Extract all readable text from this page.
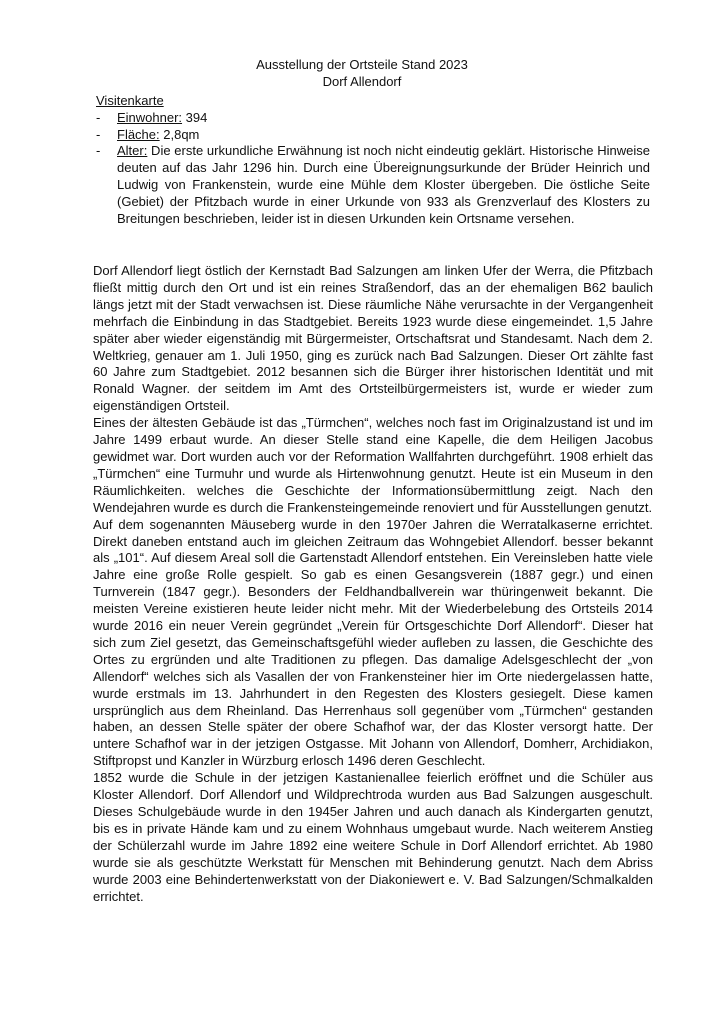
Ausstellung der Ortsteile Stand 2023
Dorf Allendorf
Visitenkarte
-	Einwohner: 394
-	Fläche: 2,8qm
-	Alter: Die erste urkundliche Erwähnung ist noch nicht eindeutig geklärt. Historische Hinweise deuten auf das Jahr 1296 hin. Durch eine Übereignungsurkunde der Brüder Heinrich und Ludwig von Frankenstein, wurde eine Mühle dem Kloster übergeben. Die östliche Seite (Gebiet) der Pfitzbach wurde in einer Urkunde von 933 als Grenzverlauf des Klosters zu Breitungen beschrieben, leider ist in diesen Urkunden kein Ortsname versehen.

Dorf Allendorf liegt östlich der Kernstadt Bad Salzungen am linken Ufer der Werra, die Pfitzbach fließt mittig durch den Ort und ist ein reines Straßendorf, das an der ehemaligen B62 baulich längs jetzt mit der Stadt verwachsen ist. Diese räumliche Nähe verursachte in der Vergangenheit mehrfach die Einbindung in das Stadtgebiet. Bereits 1923 wurde diese eingemeindet. 1,5 Jahre später aber wieder eigenständig mit Bürgermeister, Ortschaftsrat und Standesamt. Nach dem 2. Weltkrieg, genauer am 1. Juli 1950, ging es zurück nach Bad Salzungen. Dieser Ort zählte fast 60 Jahre zum Stadtgebiet. 2012 besannen sich die Bürger ihrer historischen Identität und mit Ronald Wagner. der seitdem im Amt des Ortsteilbürgermeisters ist, wurde er wieder zum eigenständigen Ortsteil.

Eines der ältesten Gebäude ist das „Türmchen“, welches noch fast im Originalzustand ist und im Jahre 1499 erbaut wurde. An dieser Stelle stand eine Kapelle, die dem Heiligen Jacobus gewidmet war. Dort wurden auch vor der Reformation Wallfahrten durchgeführt. 1908 erhielt das „Türmchen“ eine Turmuhr und wurde als Hirtenwohnung genutzt. Heute ist ein Museum in den Räumlichkeiten. welches die Geschichte der Informationsübermittlung zeigt. Nach den Wendejahren wurde es durch die Frankensteingemeinde renoviert und für Ausstellungen genutzt.

Auf dem sogenannten Mäuseberg wurde in den 1970er Jahren die Werratalkaserne errichtet. Direkt daneben entstand auch im gleichen Zeitraum das Wohngebiet Allendorf. besser bekannt als „101“. Auf diesem Areal soll die Gartenstadt Allendorf entstehen. Ein Vereinsleben hatte viele Jahre eine große Rolle gespielt. So gab es einen Gesangsverein (1887 gegr.) und einen Turnverein (1847 gegr.). Besonders der Feldhandballverein war thüringenweit bekannt. Die meisten Vereine existieren heute leider nicht mehr. Mit der Wiederbelebung des Ortsteils 2014 wurde 2016 ein neuer Verein gegründet „Verein für Ortsgeschichte Dorf Allendorf“. Dieser hat sich zum Ziel gesetzt, das Gemeinschaftsgefühl wieder aufleben zu lassen, die Geschichte des Ortes zu ergründen und alte Traditionen zu pflegen. Das damalige Adelsgeschlecht der „von Allendorf“ welches sich als Vasallen der von Frankensteiner hier im Orte niedergelassen hatte, wurde erstmals im 13. Jahrhundert in den Regesten des Klosters gesiegelt. Diese kamen ursprünglich aus dem Rheinland. Das Herrenhaus soll gegenüber vom „Türmchen“ gestanden haben, an dessen Stelle später der obere Schafhof war, der das Kloster versorgt hatte. Der untere Schafhof war in der jetzigen Ostgasse. Mit Johann von Allendorf, Domherr, Archidiakon, Stiftpropst und Kanzler in Würzburg erlosch 1496 deren Geschlecht.

1852 wurde die Schule in der jetzigen Kastanienallee feierlich eröffnet und die Schüler aus Kloster Allendorf. Dorf Allendorf und Wildprechtroda wurden aus Bad Salzungen ausgeschult. Dieses Schulgebäude wurde in den 1945er Jahren und auch danach als Kindergarten genutzt, bis es in private Hände kam und zu einem Wohnhaus umgebaut wurde. Nach weiterem Anstieg der Schülerzahl wurde im Jahre 1892 eine weitere Schule in Dorf Allendorf errichtet. Ab 1980 wurde sie als geschützte Werkstatt für Menschen mit Behinderung genutzt. Nach dem Abriss wurde 2003 eine Behindertenwerkstatt von der Diakoniewert e. V. Bad Salzungen/Schmalkalden errichtet.
